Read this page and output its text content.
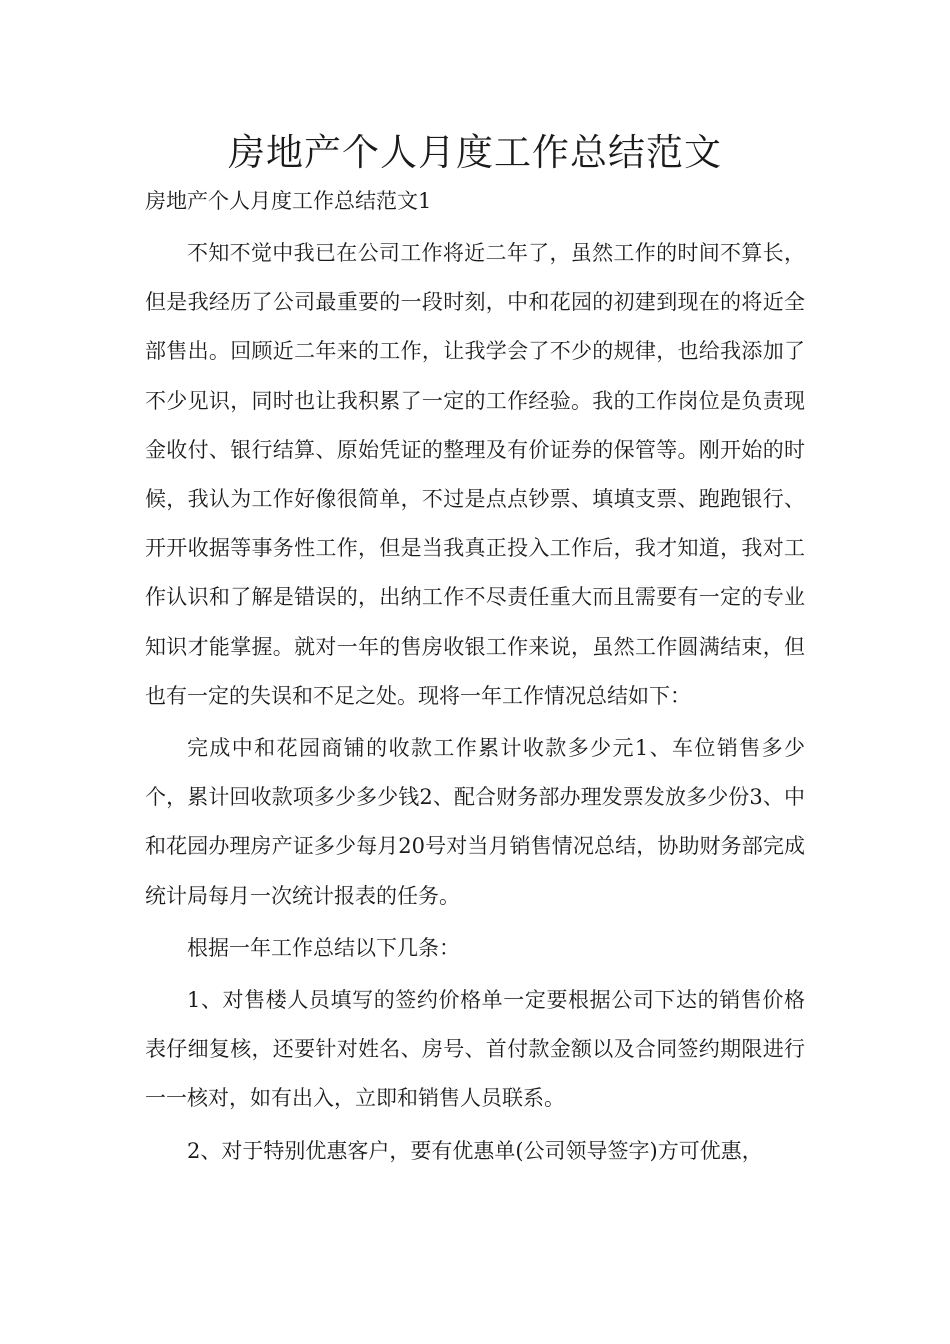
房地产个人月度工作总结范文

房地产个人月度工作总结范文1

不知不觉中我已在公司工作将近二年了，虽然工作的时间不算长，但是我经历了公司最重要的一段时刻，中和花园的初建到现在的将近全部售出。回顾近二年来的工作，让我学会了不少的规律，也给我添加了不少见识，同时也让我积累了一定的工作经验。我的工作岗位是负责现金收付、银行结算、原始凭证的整理及有价证券的保管等。刚开始的时候，我认为工作好像很简单，不过是点点钞票、填填支票、跑跑银行、开开收据等事务性工作，但是当我真正投入工作后，我才知道，我对工作认识和了解是错误的，出纳工作不尽责任重大而且需要有一定的专业知识才能掌握。就对一年的售房收银工作来说，虽然工作圆满结束，但也有一定的失误和不足之处。现将一年工作情况总结如下：

完成中和花园商铺的收款工作累计收款多少元1、车位销售多少个，累计回收款项多少多少钱2、配合财务部办理发票发放多少份3、中和花园办理房产证多少每月20号对当月销售情况总结，协助财务部完成统计局每月一次统计报表的任务。

根据一年工作总结以下几条：

1、对售楼人员填写的签约价格单一定要根据公司下达的销售价格表仔细复核，还要针对姓名、房号、首付款金额以及合同签约期限进行一一核对，如有出入，立即和销售人员联系。

2、对于特别优惠客户，要有优惠单(公司领导签字)方可优惠，
